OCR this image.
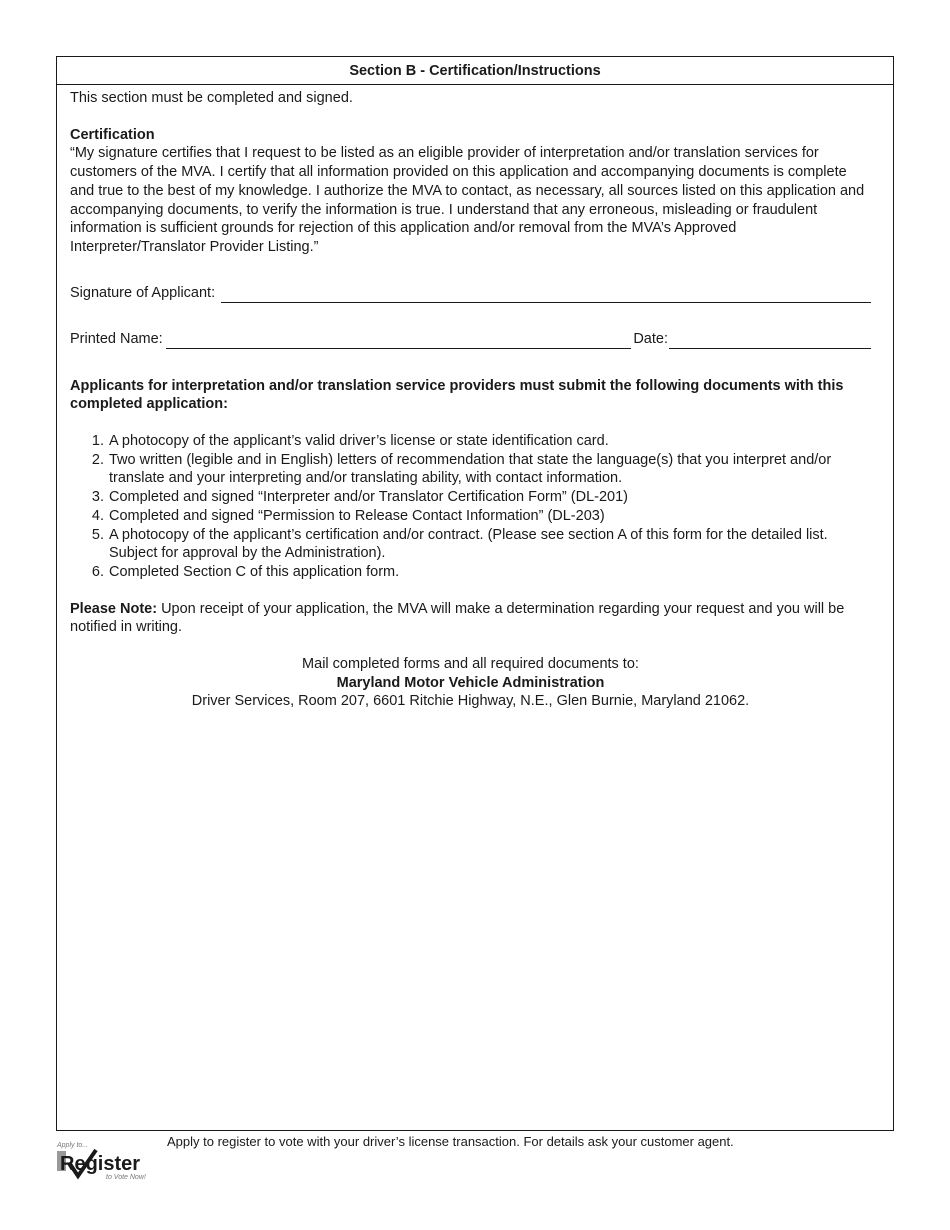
Section B - Certification/Instructions

This section must be completed and signed.

Certification

“My signature certifies that I request to be listed as an eligible provider of interpretation and/or translation services for customers of the MVA. I certify that all information provided on this application and accompanying documents is complete and true to the best of my knowledge. I authorize the MVA to contact, as necessary, all sources listed on this application and accompanying documents, to verify the information is true. I understand that any erroneous, misleading or fraudulent information is sufficient grounds for rejection of this application and/or removal from the MVA’s Approved Interpreter/Translator Provider Listing.”

Signature of Applicant:
Printed Name:	Date:

Applicants for interpretation and/or translation service providers must submit the following documents with this completed application:

1. A photocopy of the applicant’s valid driver’s license or state identification card.
2. Two written (legible and in English) letters of recommendation that state the language(s) that you interpret and/or translate and your interpreting and/or translating ability, with contact information.
3. Completed and signed “Interpreter and/or Translator Certification Form” (DL-201)
4. Completed and signed “Permission to Release Contact Information” (DL-203)
5. A photocopy of the applicant’s certification and/or contract. (Please see section A of this form for the detailed list. Subject for approval by the Administration).
6. Completed Section C of this application form.

Please Note: Upon receipt of your application, the MVA will make a determination regarding your request and you will be notified in writing.

Mail completed forms and all required documents to:
Maryland Motor Vehicle Administration
Driver Services, Room 207, 6601 Ritchie Highway, N.E., Glen Burnie, Maryland 21062.
Apply to...
Register
to Vote Now!
Apply to register to vote with your driver’s license transaction. For details ask your customer agent.
